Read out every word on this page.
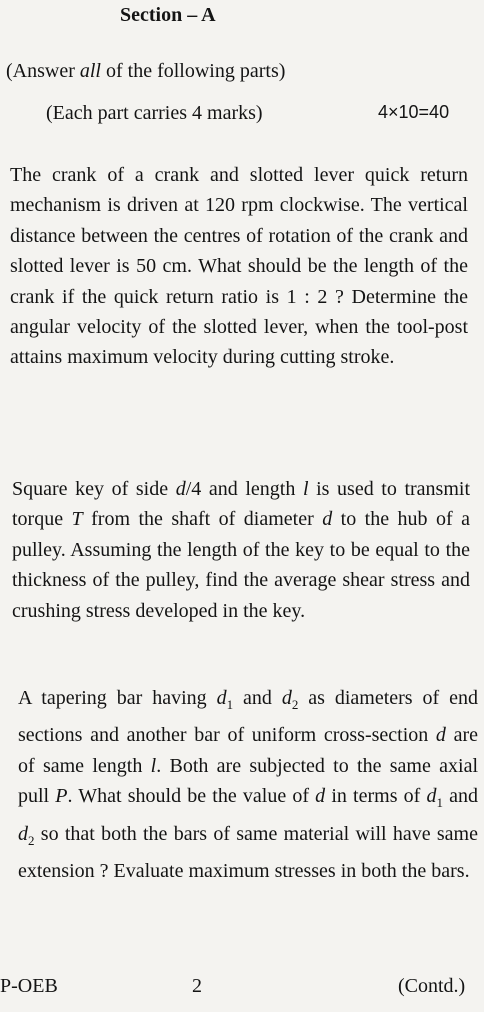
Section – A
(Answer all of the following parts)
(Each part carries 4 marks)	4×10=40
The crank of a crank and slotted lever quick return mechanism is driven at 120 rpm clockwise. The vertical distance between the centres of rotation of the crank and slotted lever is 50 cm. What should be the length of the crank if the quick return ratio is 1 : 2 ? Determine the angular velocity of the slotted lever, when the tool-post attains maximum velocity during cutting stroke.
Square key of side d/4 and length l is used to transmit torque T from the shaft of diameter d to the hub of a pulley. Assuming the length of the key to be equal to the thickness of the pulley, find the average shear stress and crushing stress developed in the key.
A tapering bar having $d_1$ and $d_2$ as diameters of end sections and another bar of uniform cross-section d are of same length l. Both are subjected to the same axial pull P. What should be the value of d in terms of $d_1$ and $d_2$ so that both the bars of same material will have same extension ? Evaluate maximum stresses in both the bars.
P-OEB	2	(Contd.)
